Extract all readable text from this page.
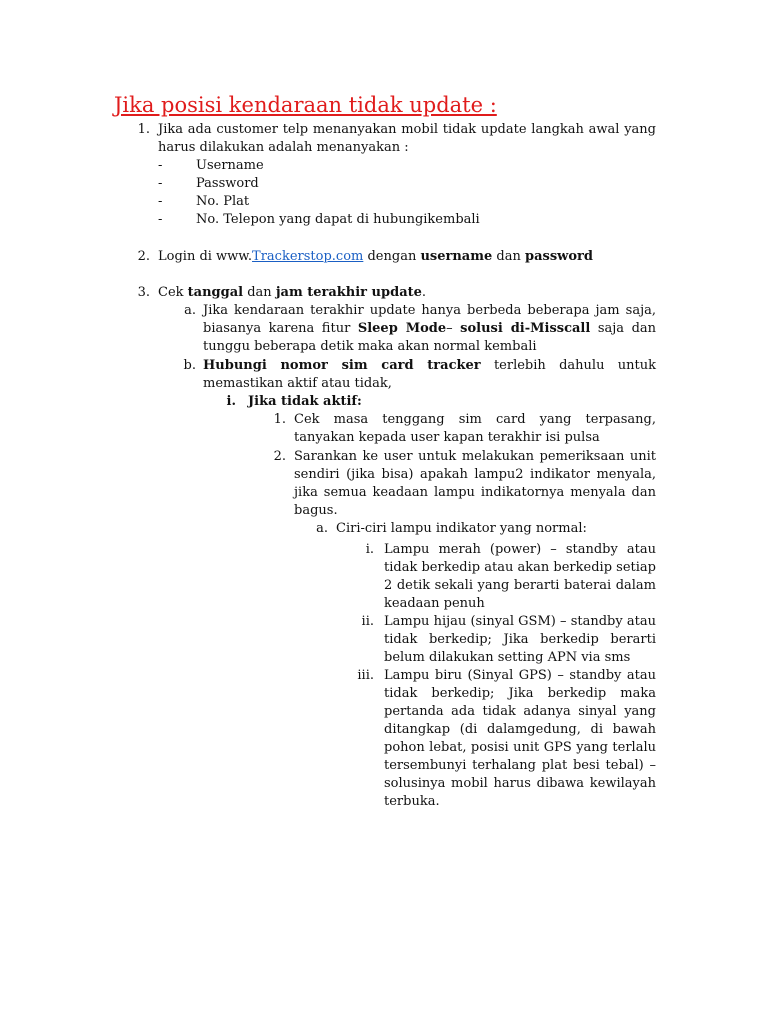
Jika posisi kendaraan tidak update :
1. Jika ada customer telp menanyakan mobil tidak update langkah awal yang harus dilakukan adalah menanyakan :
-	Username
-	Password
-	No. Plat
-	No. Telepon yang dapat di hubungikembali
2. Login di www.Trackerstop.com dengan username dan password
3. Cek tanggal dan jam terakhir update.
a. Jika kendaraan terakhir update hanya berbeda beberapa jam saja, biasanya karena fitur Sleep Mode– solusi di-Misscall saja dan tunggu beberapa detik maka akan normal kembali
b. Hubungi nomor sim card tracker terlebih dahulu untuk memastikan aktif atau tidak,
i. Jika tidak aktif:
1. Cek masa tenggang sim card yang terpasang, tanyakan kepada user kapan terakhir isi pulsa
2. Sarankan ke user untuk melakukan pemeriksaan unit sendiri (jika bisa) apakah lampu2 indikator menyala, jika semua keadaan lampu indikatornya menyala dan bagus.
a. Ciri-ciri lampu indikator yang normal:
i. Lampu merah (power) – standby atau tidak berkedip atau akan berkedip setiap 2 detik sekali yang berarti baterai dalam keadaan penuh
ii. Lampu hijau (sinyal GSM) – standby atau tidak berkedip; Jika berkedip berarti belum dilakukan setting APN via sms
iii. Lampu biru (Sinyal GPS) – standby atau tidak berkedip; Jika berkedip maka pertanda ada tidak adanya sinyal yang ditangkap (di dalamgedung, di bawah pohon lebat, posisi unit GPS yang terlalu tersembunyi terhalang plat besi tebal) – solusinya mobil harus dibawa kewilayah terbuka.
